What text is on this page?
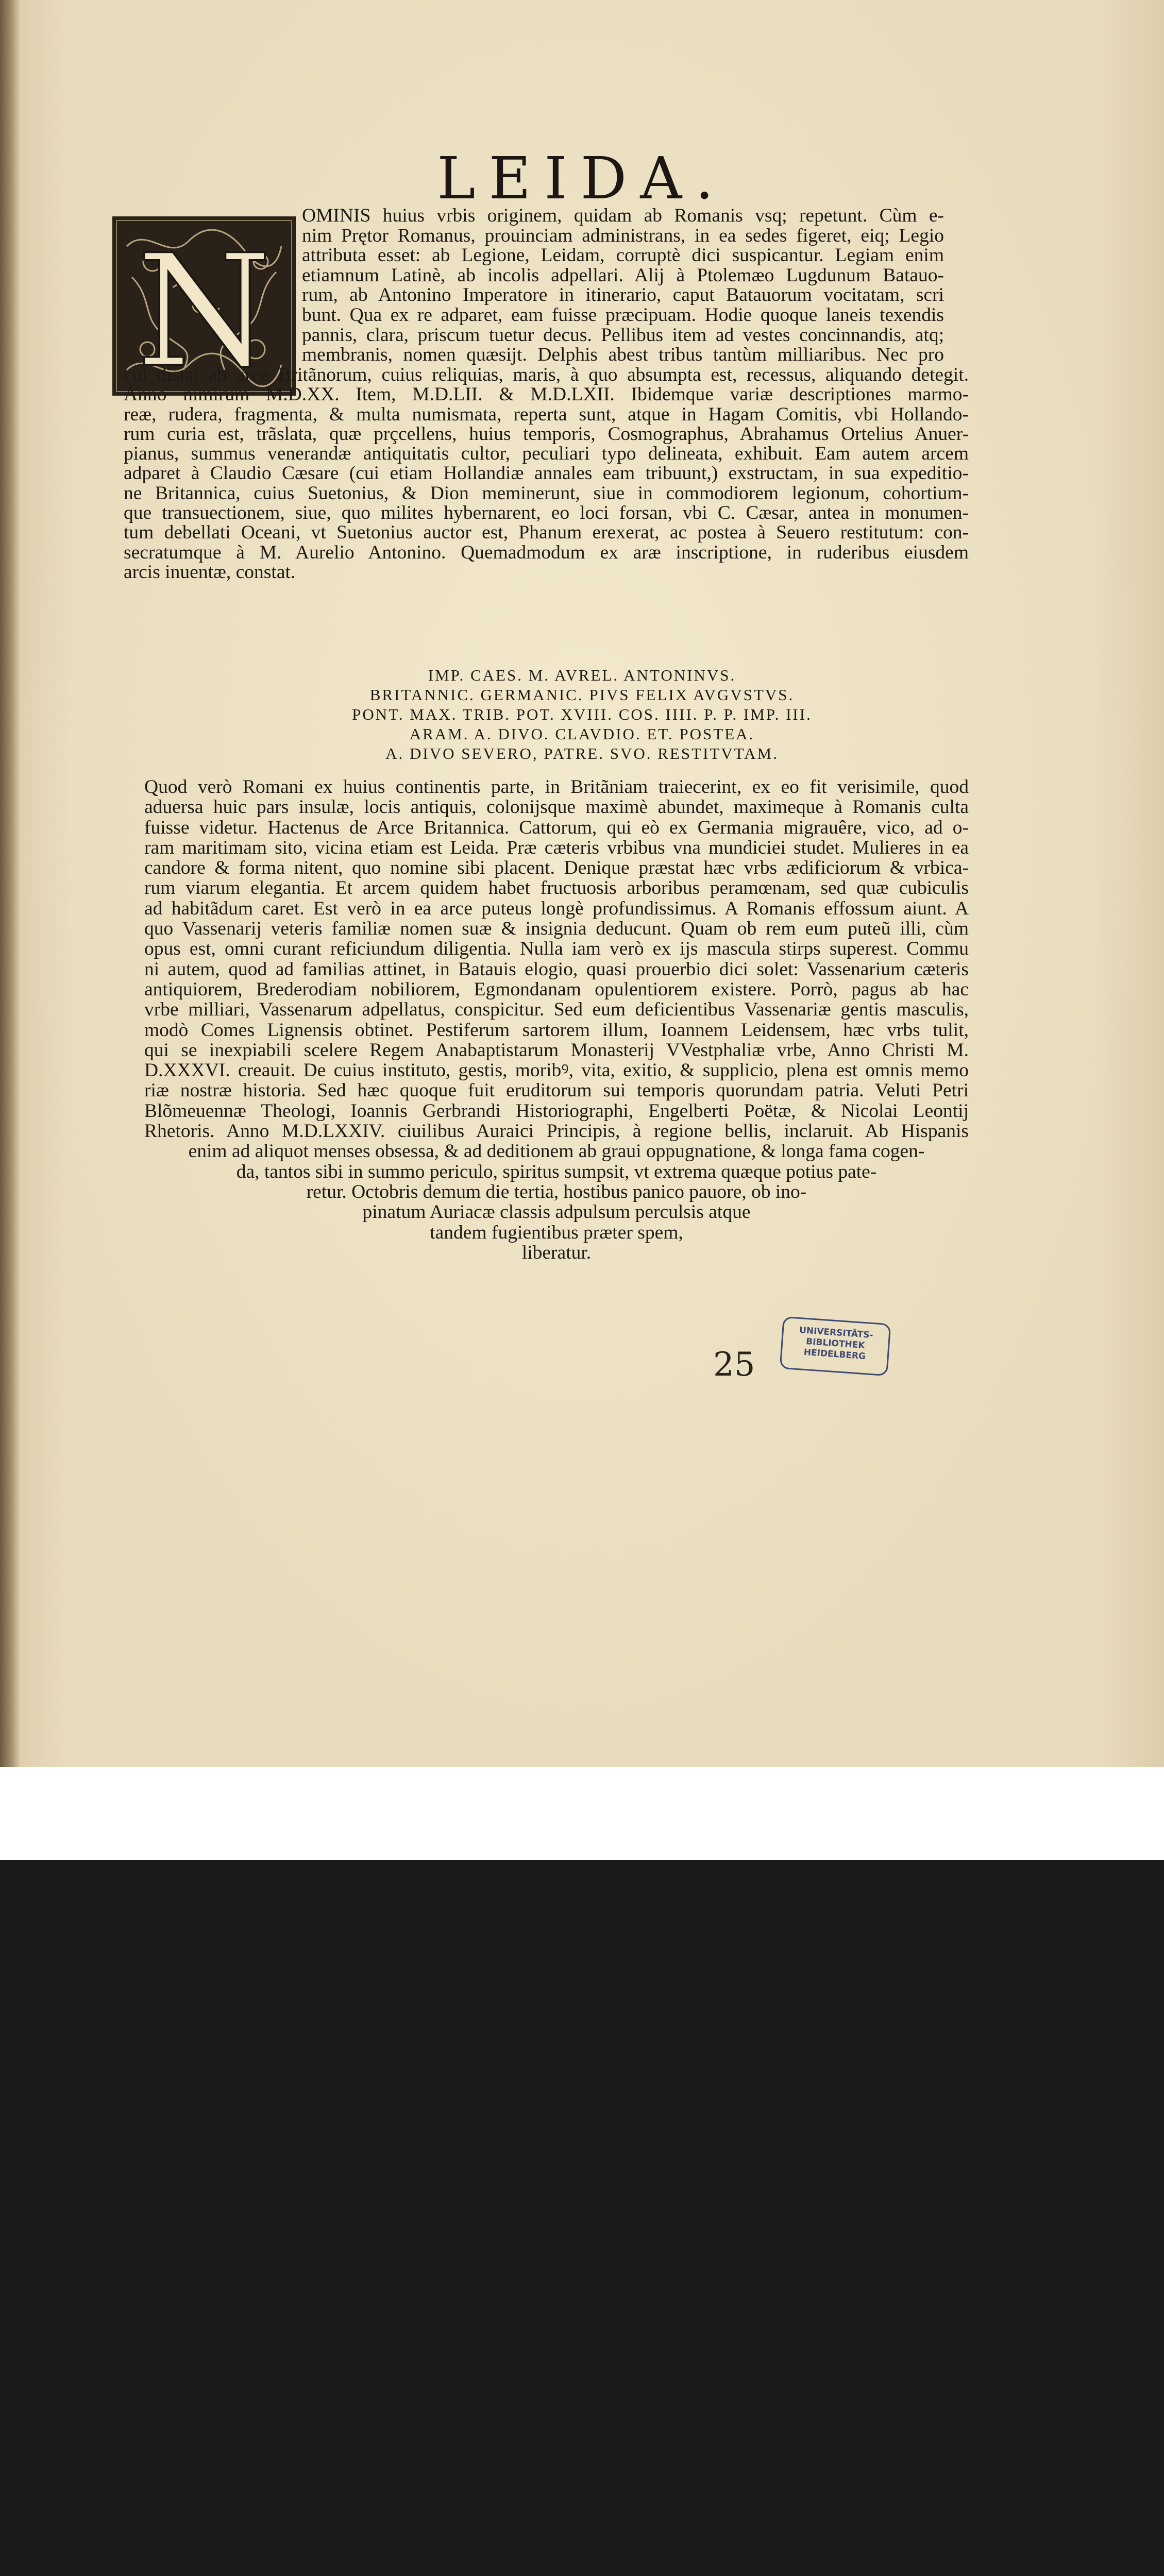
LEIDA.
N
OMINIS huius vrbis originem, quidam ab Romanis vsq; repetunt. Cùm e-
nim Prętor Romanus, prouinciam administrans, in ea sedes figeret, eiq; Legio
attributa esset: ab Legione, Leidam, corruptè dici suspicantur. Legiam enim
etiamnum Latinè, ab incolis adpellari. Alij à Ptolemæo Lugdunum Batauo-
rum, ab Antonino Imperatore in itinerario, caput Batauorum vocitatam, scri
bunt. Qua ex re adparet, eam fuisse præcipuam. Hodie quoque laneis texendis
pannis, clara, priscum tuetur decus. Pellibus item ad vestes concinnandis, atq;
membranis, nomen quæsijt. Delphis abest tribus tantùm milliaribus. Nec pro
cul distat ab arce Britãnorum, cuius reliquias, maris, à quo absumpta est, recessus, aliquando detegit.
Anno nimirum M.D.XX. Item, M.D.LII. & M.D.LXII. Ibidemque variæ descriptiones marmo-
reæ, rudera, fragmenta, & multa numismata, reperta sunt, atque in Hagam Comitis, vbi Hollando-
rum curia est, trãslata, quæ prçcellens, huius temporis, Cosmographus, Abrahamus Ortelius Anuer-
pianus, summus venerandæ antiquitatis cultor, peculiari typo delineata, exhibuit. Eam autem arcem
adparet à Claudio Cæsare (cui etiam Hollandiæ annales eam tribuunt,) exstructam, in sua expeditio-
ne Britannica, cuius Suetonius, & Dion meminerunt, siue in commodiorem legionum, cohortium-
que transuectionem, siue, quo milites hybernarent, eo loci forsan, vbi C. Cæsar, antea in monumen-
tum debellati Oceani, vt Suetonius auctor est, Phanum erexerat, ac postea à Seuero restitutum: con-
secratumque à M. Aurelio Antonino. Quemadmodum ex aræ inscriptione, in ruderibus eiusdem
arcis inuentæ, constat.
IMP. CAES. M. AVREL. ANTONINVS.
BRITANNIC. GERMANIC. PIVS FELIX AVGVSTVS.
PONT. MAX. TRIB. POT. XVIII. COS. IIII. P. P. IMP. III.
ARAM. A. DIVO. CLAVDIO. ET. POSTEA.
A. DIVO SEVERO, PATRE. SVO. RESTITVTAM.
Quod verò Romani ex huius continentis parte, in Britãniam traiecerint, ex eo fit verisimile, quod
aduersa huic pars insulæ, locis antiquis, colonijsque maximè abundet, maximeque à Romanis culta
fuisse videtur. Hactenus de Arce Britannica. Cattorum, qui eò ex Germania migrauêre, vico, ad o-
ram maritimam sito, vicina etiam est Leida. Præ cæteris vrbibus vna mundiciei studet. Mulieres in ea
candore & forma nitent, quo nomine sibi placent. Denique præstat hæc vrbs ædificiorum & vrbica-
rum viarum elegantia. Et arcem quidem habet fructuosis arboribus peramœnam, sed quæ cubiculis
ad habitãdum caret. Est verò in ea arce puteus longè profundissimus. A Romanis effossum aiunt. A
quo Vassenarij veteris familiæ nomen suæ & insignia deducunt. Quam ob rem eum puteũ illi, cùm
opus est, omni curant reficiundum diligentia. Nulla iam verò ex ijs mascula stirps superest. Commu
ni autem, quod ad familias attinet, in Batauis elogio, quasi prouerbio dici solet: Vassenarium cæteris
antiquiorem, Brederodiam nobiliorem, Egmondanam opulentiorem existere. Porrò, pagus ab hac
vrbe milliari, Vassenarum adpellatus, conspicitur. Sed eum deficientibus Vassenariæ gentis masculis,
modò Comes Lignensis obtinet. Pestiferum sartorem illum, Ioannem Leidensem, hæc vrbs tulit,
qui se inexpiabili scelere Regem Anabaptistarum Monasterij VVestphaliæ vrbe, Anno Christi M.
D.XXXVI. creauit. De cuius instituto, gestis, moribꝰ, vita, exitio, & supplicio, plena est omnis memo
riæ nostræ historia. Sed hæc quoque fuit eruditorum sui temporis quorundam patria. Veluti Petri
Blõmeuennæ Theologi, Ioannis Gerbrandi Historiographi, Engelberti Poëtæ, & Nicolai Leontij
Rhetoris. Anno M.D.LXXIV. ciuilibus Auraici Principis, à regione bellis, inclaruit. Ab Hispanis
enim ad aliquot menses obsessa, & ad deditionem ab graui oppugnatione, & longa fama cogen-
da, tantos sibi in summo periculo, spiritus sumpsit, vt extrema quæque potius pate-
retur. Octobris demum die tertia, hostibus panico pauore, ob ino-
pinatum Auriacæ classis adpulsum perculsis atque
tandem fugientibus præter spem,
liberatur.
25
UNIVERSITÄTS-
BIBLIOTHEK
HEIDELBERG
